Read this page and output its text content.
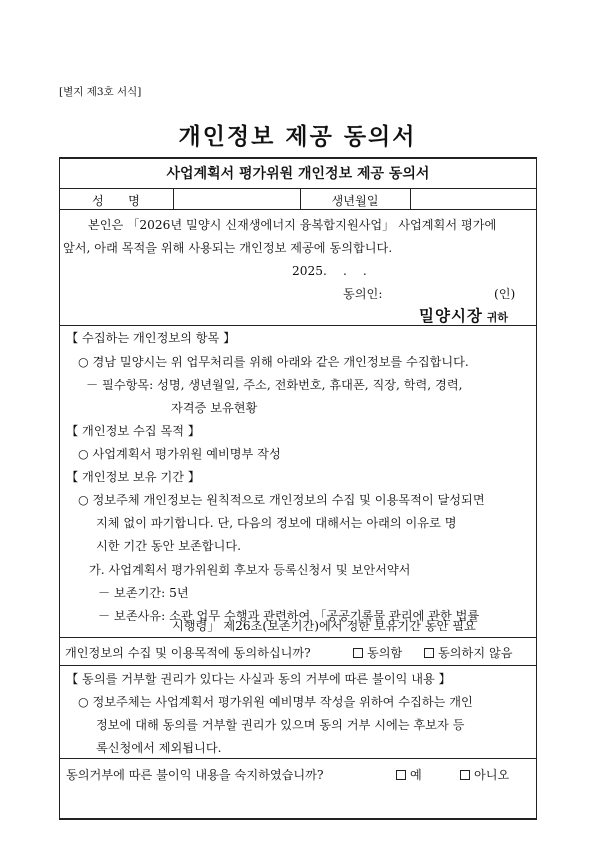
[별지 제3호 서식]
개인정보 제공 동의서
사업계획서 평가위원 개인정보 제공 동의서
성　　명	생년월일
본인은 「2026년 밀양시 신재생에너지 융복합지원사업」 사업계획서 평가에
앞서, 아래 목적을 위해 사용되는 개인정보 제공에 동의합니다.
2025.　 .　 .
동의인:	(인)
밀양시장 귀하
【 수집하는 개인정보의 항목 】
○ 경남 밀양시는 위 업무처리를 위해 아래와 같은 개인정보를 수집합니다.
－ 필수항목: 성명, 생년월일, 주소, 전화번호, 휴대폰, 직장, 학력, 경력,
자격증 보유현황
【 개인정보 수집 목적 】
○ 사업계획서 평가위원 예비명부 작성
【 개인정보 보유 기간 】
○ 정보주체 개인정보는 원칙적으로 개인정보의 수집 및 이용목적이 달성되면
지체 없이 파기합니다. 단, 다음의 정보에 대해서는 아래의 이유로 명
시한 기간 동안 보존합니다.
가. 사업계획서 평가위원회 후보자 등록신청서 및 보안서약서
－ 보존기간: 5년
－ 보존사유: 소관 업무 수행과 관련하여 「공공기록물 관리에 관한 법률
시행령」 제26조(보존기간)에서 정한 보유기간 동안 필요
개인정보의 수집 및 이용목적에 동의하십니까?	동의함	동의하지 않음
【 동의를 거부할 권리가 있다는 사실과 동의 거부에 따른 불이익 내용 】
○ 정보주체는 사업계획서 평가위원 예비명부 작성을 위하여 수집하는 개인
정보에 대해 동의를 거부할 권리가 있으며 동의 거부 시에는 후보자 등
록신청에서 제외됩니다.
동의거부에 따른 불이익 내용을 숙지하였습니까?	예	아니오
